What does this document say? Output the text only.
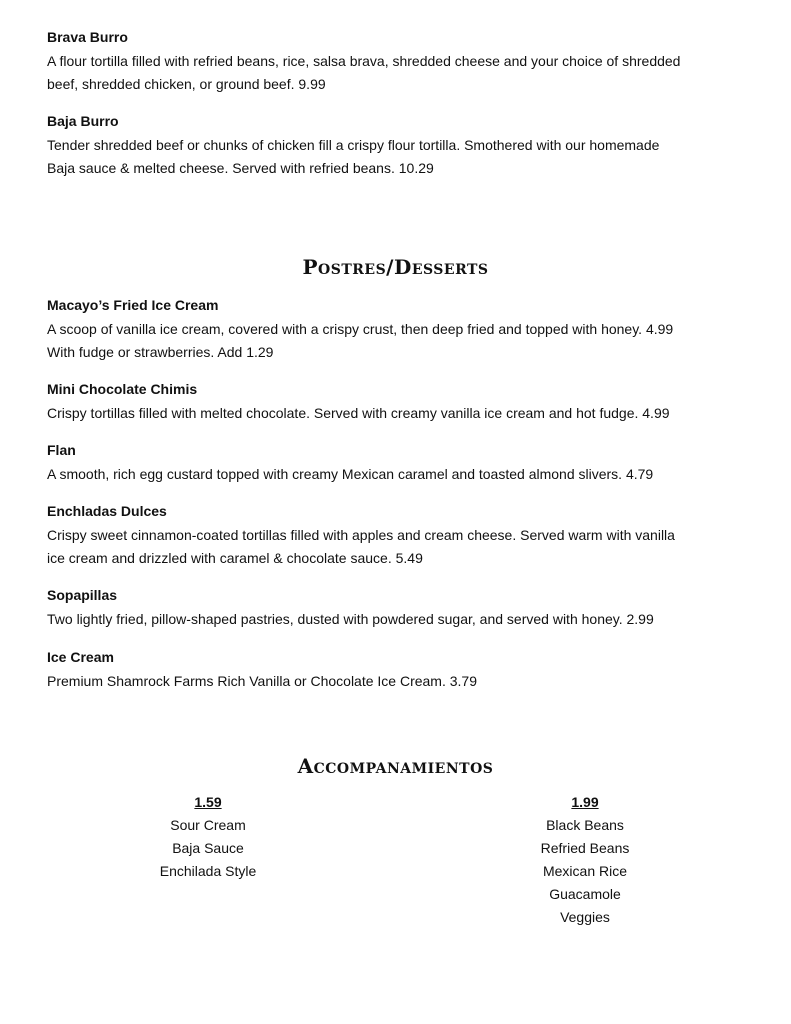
Brava Burro
A flour tortilla filled with refried beans, rice, salsa brava, shredded cheese and your choice of shredded
beef, shredded chicken, or ground beef. 9.99
Baja Burro
Tender shredded beef or chunks of chicken fill a crispy flour tortilla. Smothered with our homemade
Baja sauce & melted cheese. Served with refried beans. 10.29
Postres/Desserts
Macayo’s Fried Ice Cream
A scoop of vanilla ice cream, covered with a crispy crust, then deep fried and topped with honey. 4.99
With fudge or strawberries. Add 1.29
Mini Chocolate Chimis
Crispy tortillas filled with melted chocolate. Served with creamy vanilla ice cream and hot fudge. 4.99
Flan
A smooth, rich egg custard topped with creamy Mexican caramel and toasted almond slivers. 4.79
Enchladas Dulces
Crispy sweet cinnamon-coated tortillas filled with apples and cream cheese. Served warm with vanilla
ice cream and drizzled with caramel & chocolate sauce. 5.49
Sopapillas
Two lightly fried, pillow-shaped pastries, dusted with powdered sugar, and served with honey. 2.99
Ice Cream
Premium Shamrock Farms Rich Vanilla or Chocolate Ice Cream. 3.79
Accompanamientos
1.59
Sour Cream
Baja Sauce
Enchilada Style
1.99
Black Beans
Refried Beans
Mexican Rice
Guacamole
Veggies
